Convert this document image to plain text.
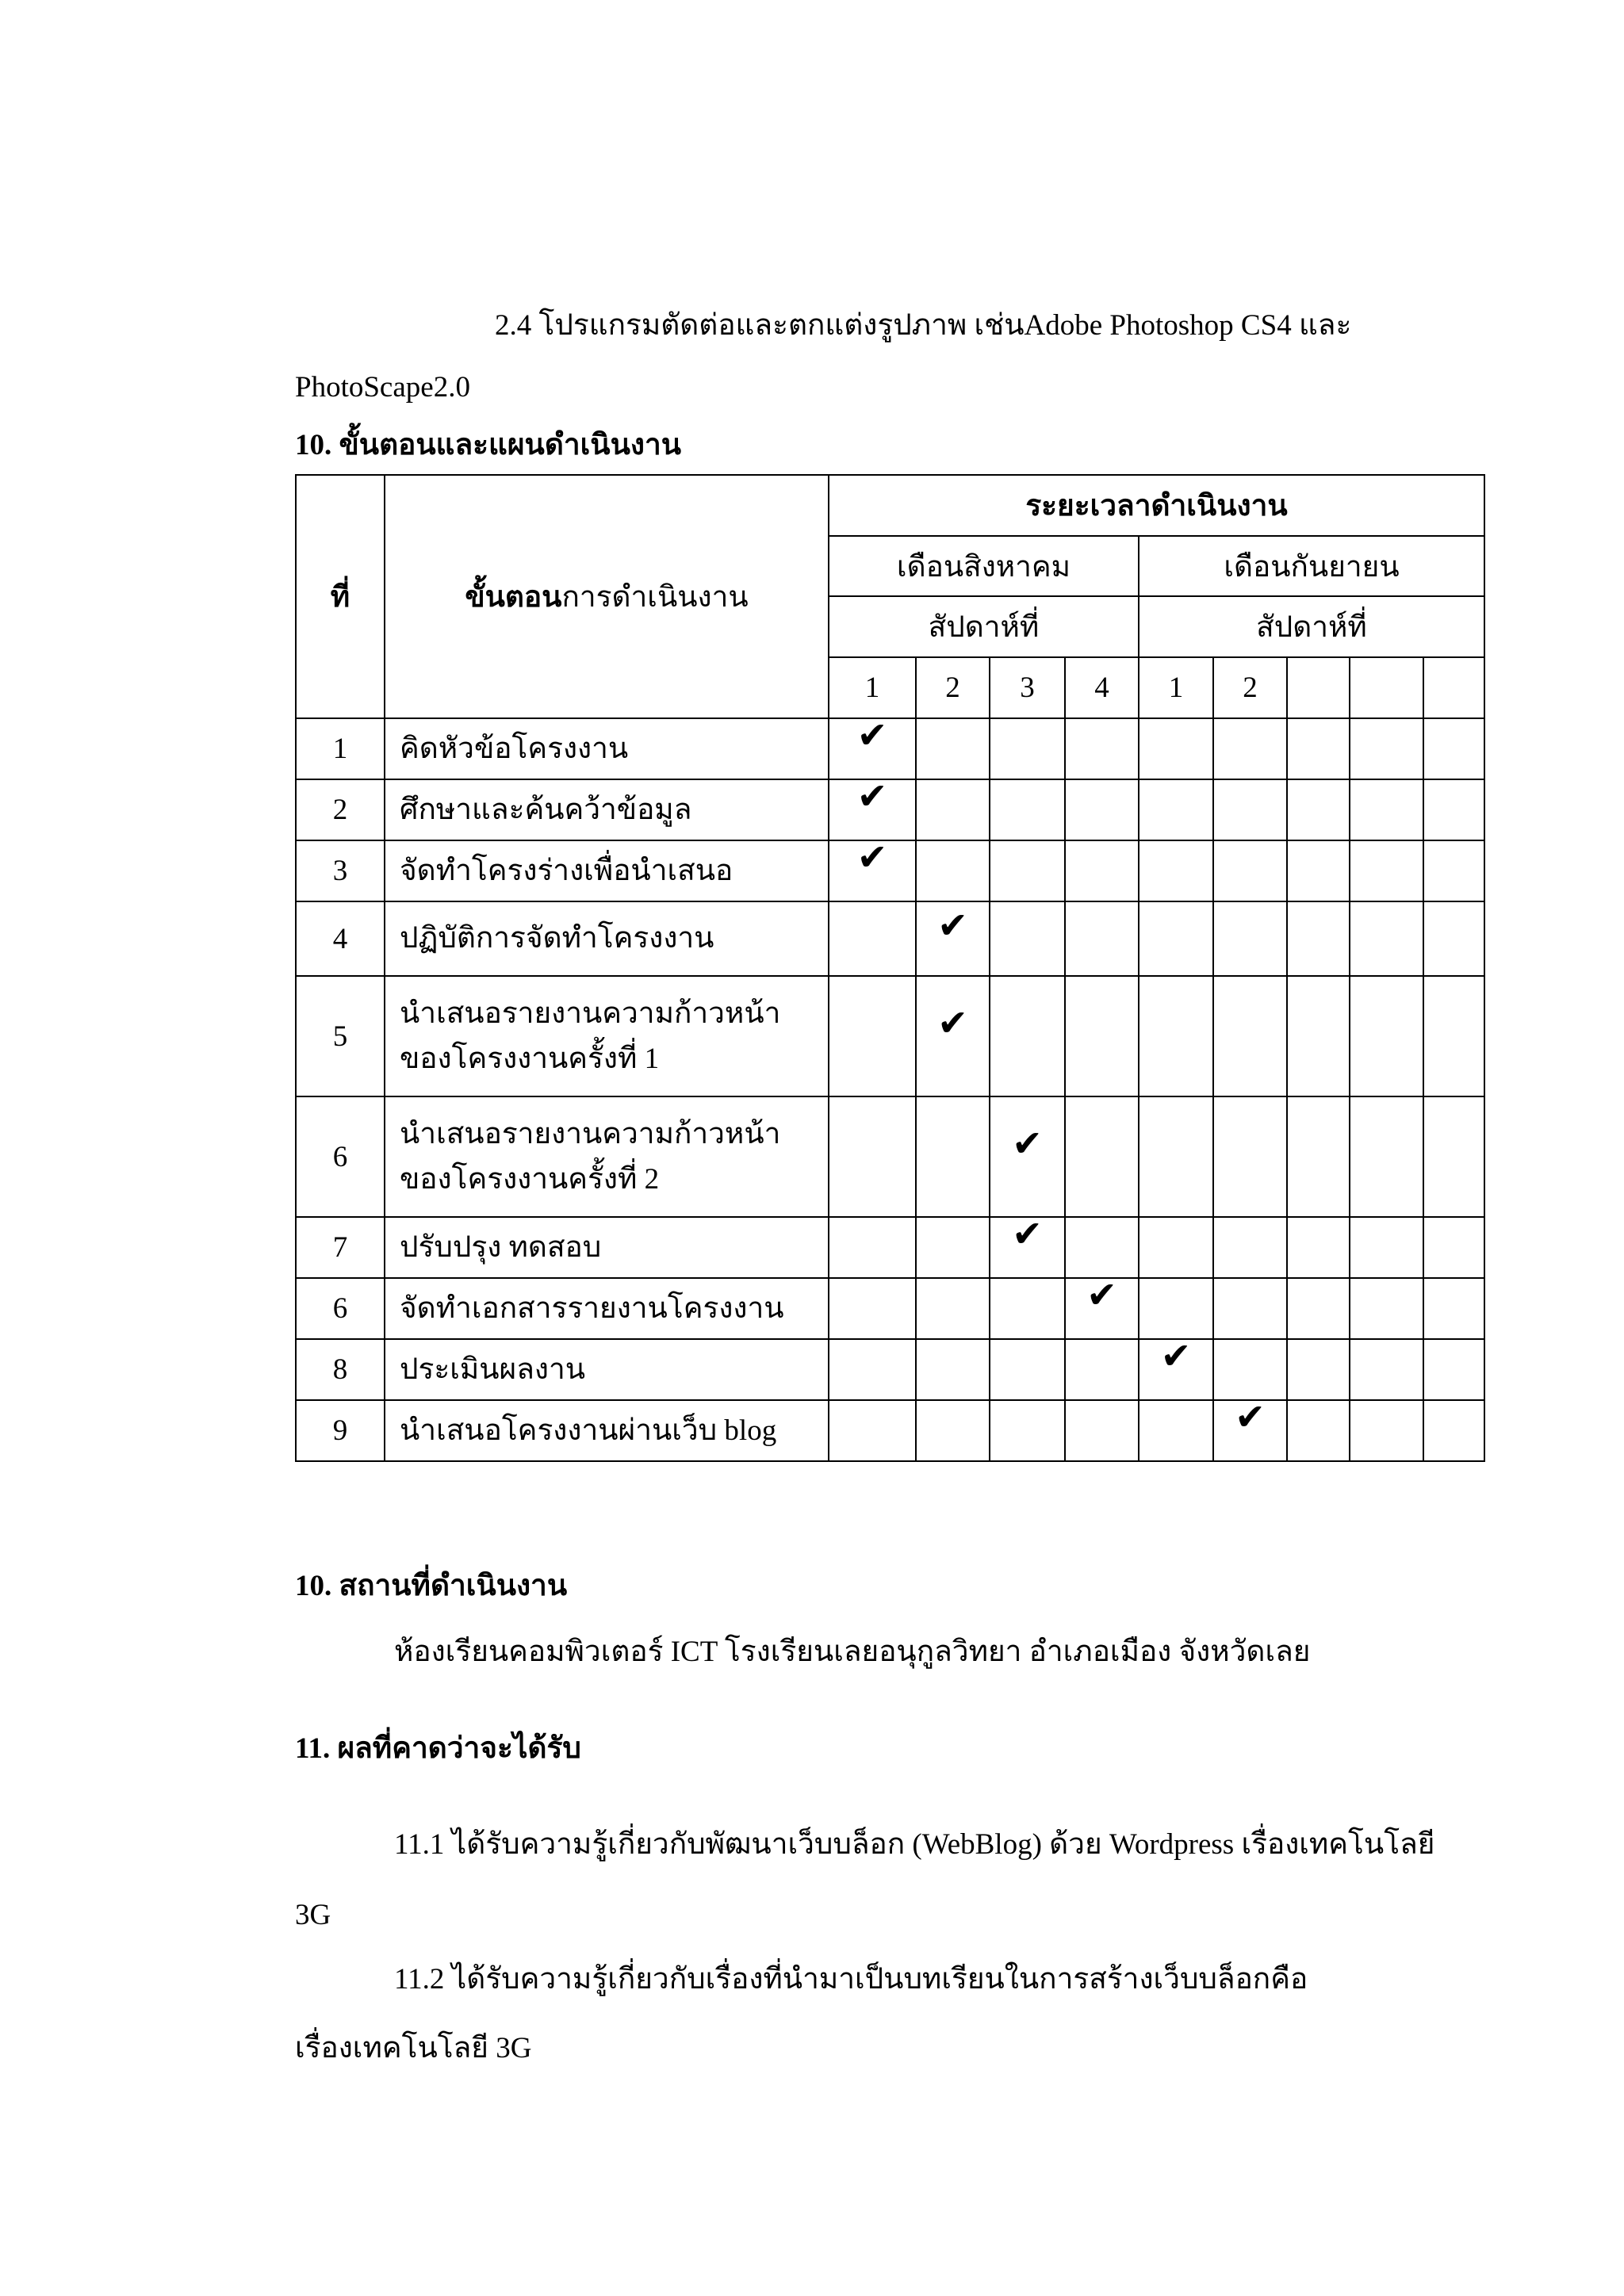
2.4 โปรแกรมตัดต่อและตกแต่งรูปภาพ เช่นAdobe Photoshop CS4 และ
PhotoScape2.0
10. ขั้นตอนและแผนดำเนินงาน
ที่	ขั้นตอนการดำเนินงาน	ระยะเวลาดำเนินงาน								
		เดือนสิงหาคม				เดือนกันยายน				
		สัปดาห์ที่				สัปดาห์ที่				
		1	2	3	4	1	2			
1	คิดหัวข้อโครงงาน	✔								
2	ศึกษาและค้นคว้าข้อมูล	✔								
3	จัดทำโครงร่างเพื่อนำเสนอ	✔								
4	ปฏิบัติการจัดทำโครงงาน		✔							
5	นำเสนอรายงานความก้าวหน้า
ของโครงงานครั้งที่ 1		✔							
6	นำเสนอรายงานความก้าวหน้า
ของโครงงานครั้งที่ 2			✔						
7	ปรับปรุง ทดสอบ			✔						
6	จัดทำเอกสารรายงานโครงงาน				✔					
8	ประเมินผลงาน					✔				
9	นำเสนอโครงงานผ่านเว็บ blog						✔			
10. สถานที่ดำเนินงาน
ห้องเรียนคอมพิวเตอร์ ICT โรงเรียนเลยอนุกูลวิทยา อำเภอเมือง จังหวัดเลย
11. ผลที่คาดว่าจะได้รับ
11.1 ได้รับความรู้เกี่ยวกับพัฒนาเว็บบล็อก (WebBlog) ด้วย Wordpress เรื่องเทคโนโลยี
3G
11.2 ได้รับความรู้เกี่ยวกับเรื่องที่นำมาเป็นบทเรียนในการสร้างเว็บบล็อกคือ
เรื่องเทคโนโลยี 3G
